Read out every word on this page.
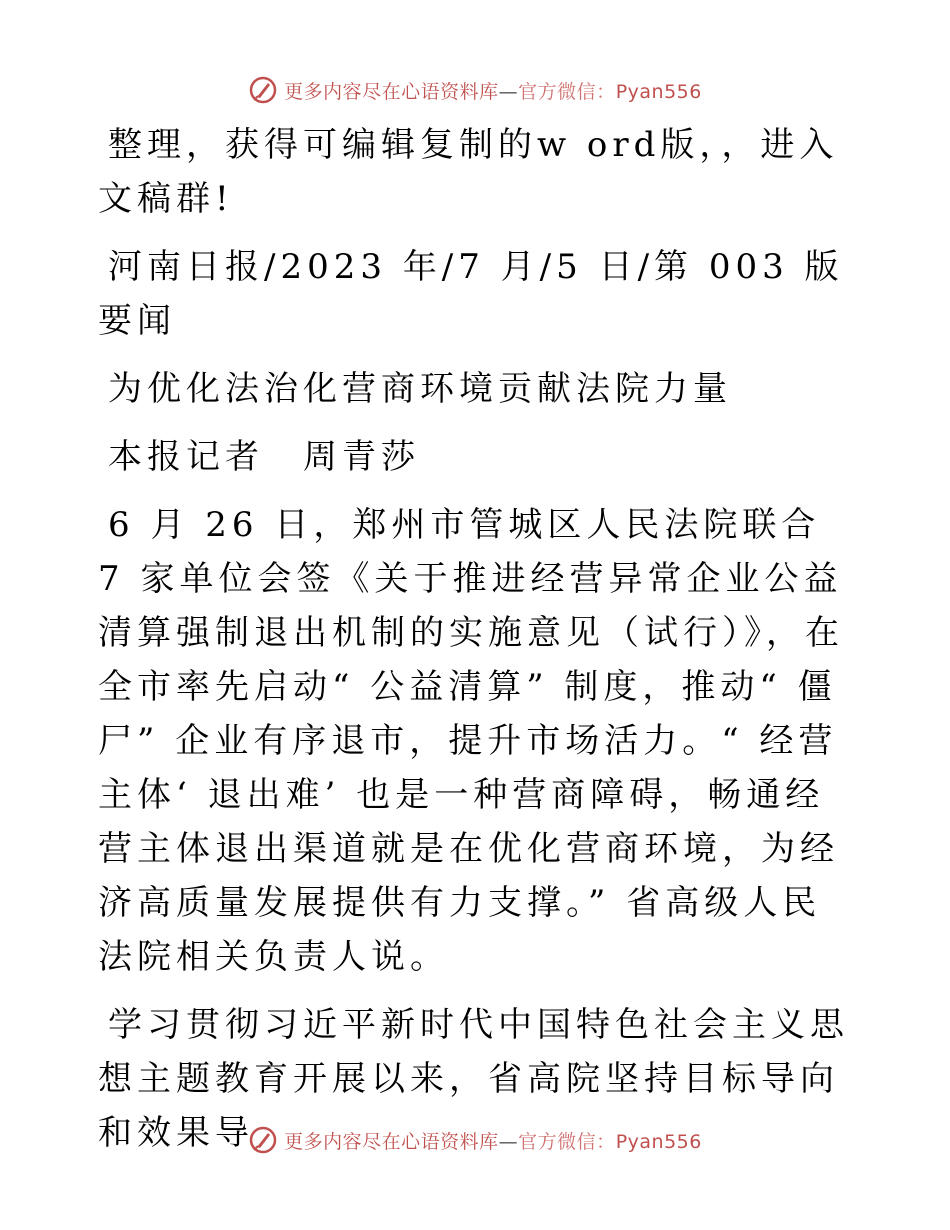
更多内容尽在心语资料库—官方微信：Pyan556

整理，获得可编辑复制的w ord版，，进入文稿群!

河南日报/2023 年/7 月/5 日/第 003 版要闻

为优化法治化营商环境贡献法院力量

本报记者　周青莎

6 月 26 日，郑州市管城区人民法院联合 7 家单位会签《关于推进经营异常企业公益清算强制退出机制的实施意见（试行）》，在全市率先启动“ 公益清算” 制度，推动“ 僵尸” 企业有序退市，提升市场活力。“ 经营主体‘ 退出难’ 也是一种营商障碍，畅通经营主体退出渠道就是在优化营商环境，为经济高质量发展提供有力支撑。” 省高级人民法院相关负责人说。

学习贯彻习近平新时代中国特色社会主义思想主题教育开展以来，省高院坚持目标导向和效果导	更多内容尽在心语资料库—官方微信：Pyan556
